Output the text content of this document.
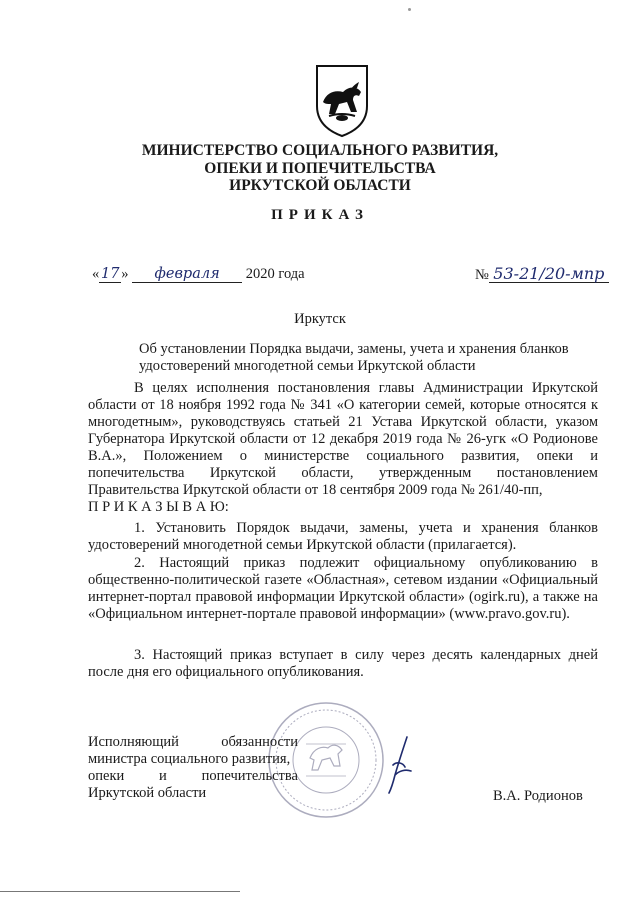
МИНИСТЕРСТВО СОЦИАЛЬНОГО РАЗВИТИЯ,
ОПЕКИ И ПОПЕЧИТЕЛЬСТВА
ИРКУТСКОЙ ОБЛАСТИ
ПРИКАЗ
« 17 » февраля 2020 года	№ 53-21/20-мпр
Иркутск
Об установлении Порядка выдачи, замены, учета и хранения бланков удостоверений многодетной семьи Иркутской области

В целях исполнения постановления главы Администрации Иркутской области от 18 ноября 1992 года № 341 «О категории семей, которые относятся к многодетным», руководствуясь статьей 21 Устава Иркутской области, указом Губернатора Иркутской области от 12 декабря 2019 года № 26-угк «О Родионове В.А.», Положением о министерстве социального развития, опеки и попечительства Иркутской области, утвержденным постановлением Правительства Иркутской области от 18 сентября 2009 года № 261/40-пп,

П Р И К А З Ы В А Ю:

1. Установить Порядок выдачи, замены, учета и хранения бланков удостоверений многодетной семьи Иркутской области (прилагается).

2. Настоящий приказ подлежит официальному опубликованию в общественно-политической газете «Областная», сетевом издании «Официальный интернет-портал правовой информации Иркутской области» (ogirk.ru), а также на «Официальном интернет-портале правовой информации» (www.pravo.gov.ru).

3. Настоящий приказ вступает в силу через десять календарных дней после дня его официального опубликования.

Исполняющий обязанности
министра социального развития,
опеки и попечительства
Иркутской области	В.А. Родионов
